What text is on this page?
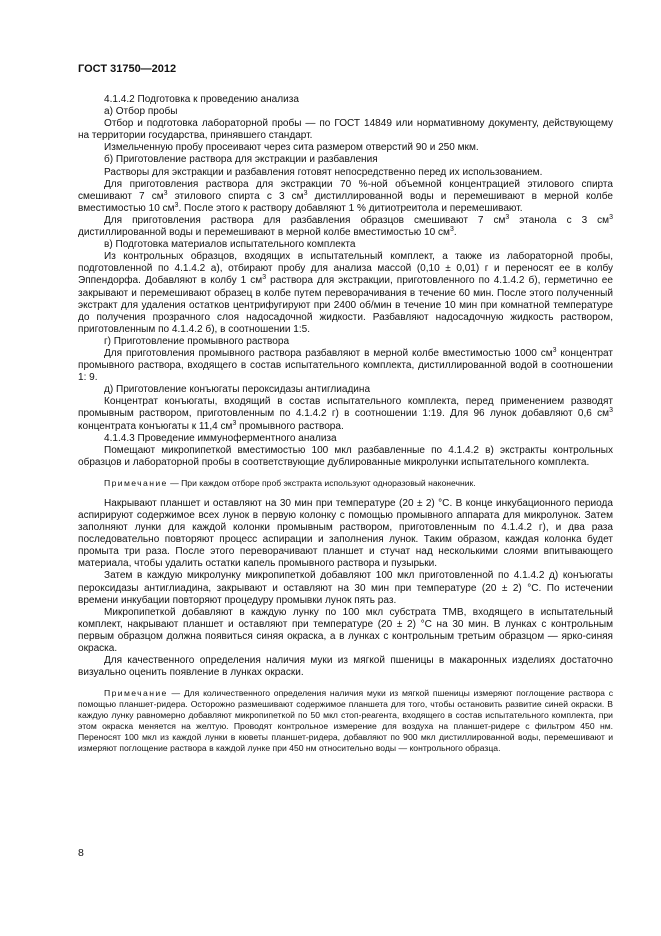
ГОСТ 31750—2012

4.1.4.2 Подготовка к проведению анализа

а) Отбор пробы

Отбор и подготовка лабораторной пробы — по ГОСТ 14849 или нормативному документу, действующему на территории государства, принявшего стандарт.

Измельченную пробу просеивают через сита размером отверстий 90 и 250 мкм.

б) Приготовление раствора для экстракции и разбавления

Растворы для экстракции и разбавления готовят непосредственно перед их использованием.

Для приготовления раствора для экстракции 70 %-ной объемной концентрацией этилового спирта смешивают 7 $см^3$ этилового спирта с 3 $см^3$ дистиллированной воды и перемешивают в мерной колбе вместимостью 10 $см^3$. После этого к раствору добавляют 1 % дитиотреитола и перемешивают.

Для приготовления раствора для разбавления образцов смешивают 7 $см^3$ этанола с 3 $см^3$ дистиллированной воды и перемешивают в мерной колбе вместимостью 10 $см^3$.

в) Подготовка материалов испытательного комплекта

Из контрольных образцов, входящих в испытательный комплект, а также из лабораторной пробы, подготовленной по 4.1.4.2 а), отбирают пробу для анализа массой (0,10 ± 0,01) г и переносят ее в колбу Эппендорфа. Добавляют в колбу 1 $см^3$ раствора для экстракции, приготовленного по 4.1.4.2 б), герметично ее закрывают и перемешивают образец в колбе путем переворачивания в течение 60 мин. После этого полученный экстракт для удаления остатков центрифугируют при 2400 об/мин в течение 10 мин при комнатной температуре до получения прозрачного слоя надосадочной жидкости. Разбавляют надосадочную жидкость раствором, приготовленным по 4.1.4.2 б), в соотношении 1:5.

г) Приготовление промывного раствора

Для приготовления промывного раствора разбавляют в мерной колбе вместимостью 1000 $см^3$ концентрат промывного раствора, входящего в состав испытательного комплекта, дистиллированной водой в соотношении 1: 9.

д) Приготовление конъюгаты пероксидазы антиглиадина

Концентрат конъюгаты, входящий в состав испытательного комплекта, перед применением разводят промывным раствором, приготовленным по 4.1.4.2 г) в соотношении 1:19. Для 96 лунок добавляют 0,6 $см^3$ концентрата конъюгаты к 11,4 $см^3$ промывного раствора.

4.1.4.3 Проведение иммуноферментного анализа

Помещают микропипеткой вместимостью 100 мкл разбавленные по 4.1.4.2 в) экстракты контрольных образцов и лабораторной пробы в соответствующие дублированные микролунки испытательного комплекта.

Примечание — При каждом отборе проб экстракта используют одноразовый наконечник.

Накрывают планшет и оставляют на 30 мин при температуре (20 ± 2) °С. В конце инкубационного периода аспирируют содержимое всех лунок в первую колонку с помощью промывного аппарата для микролунок. Затем заполняют лунки для каждой колонки промывным раствором, приготовленным по 4.1.4.2 г), и два раза последовательно повторяют процесс аспирации и заполнения лунок. Таким образом, каждая колонка будет промыта три раза. После этого переворачивают планшет и стучат над несколькими слоями впитывающего материала, чтобы удалить остатки капель промывного раствора и пузырьки.

Затем в каждую микролунку микропипеткой добавляют 100 мкл приготовленной по 4.1.4.2 д) конъюгаты пероксидазы антиглиадина, закрывают и оставляют на 30 мин при температуре (20 ± 2) °С. По истечении времени инкубации повторяют процедуру промывки лунок пять раз.

Микропипеткой добавляют в каждую лунку по 100 мкл субстрата ТМВ, входящего в испытательный комплект, накрывают планшет и оставляют при температуре (20 ± 2) °С на 30 мин. В лунках с контрольным первым образцом должна появиться синяя окраска, а в лунках с контрольным третьим образцом — ярко-синяя окраска.

Для качественного определения наличия муки из мягкой пшеницы в макаронных изделиях достаточно визуально оценить появление в лунках окраски.

Примечание — Для количественного определения наличия муки из мягкой пшеницы измеряют поглощение раствора с помощью планшет-ридера. Осторожно размешивают содержимое планшета для того, чтобы остановить развитие синей окраски. В каждую лунку равномерно добавляют микропипеткой по 50 мкл стоп-реагента, входящего в состав испытательного комплекта, при этом окраска меняется на желтую. Проводят контрольное измерение для воздуха на планшет-ридере с фильтром 450 нм. Переносят 100 мкл из каждой лунки в кюветы планшет-ридера, добавляют по 900 мкл дистиллированной воды, перемешивают и измеряют поглощение раствора в каждой лунке при 450 нм относительно воды — контрольного образца.

8
